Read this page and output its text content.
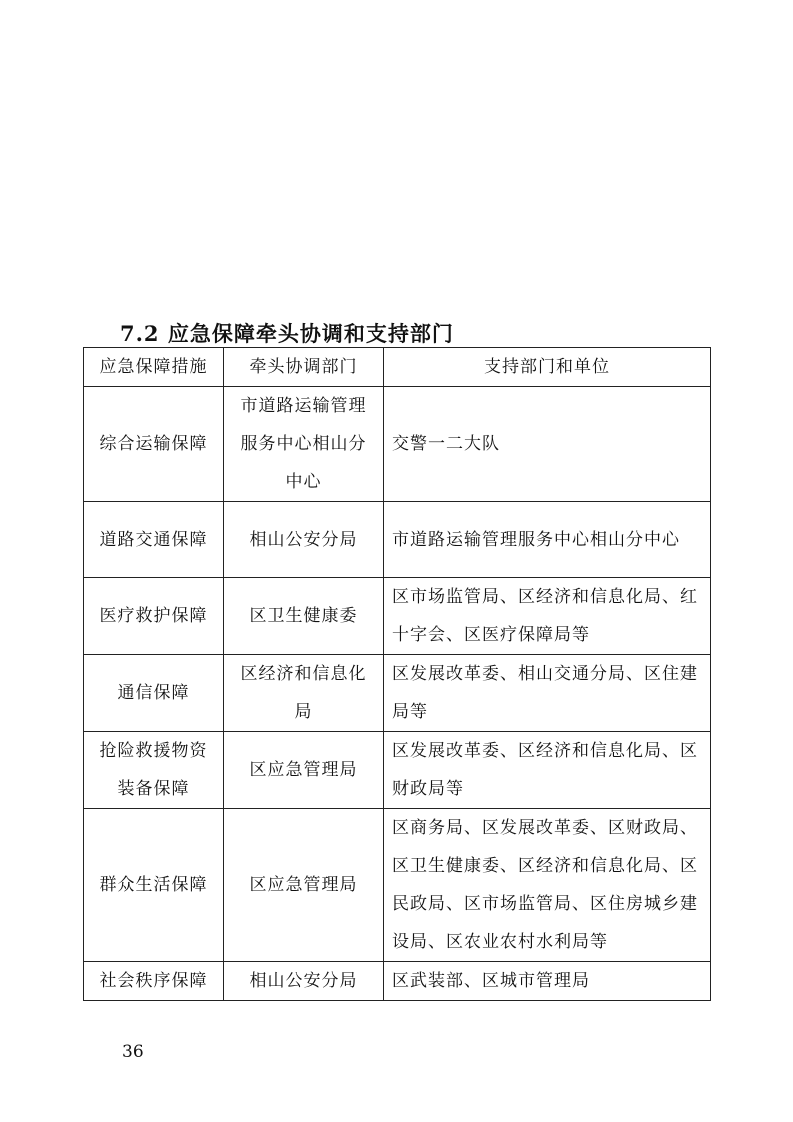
7.2 应急保障牵头协调和支持部门
应急保障措施	牵头协调部门	支持部门和单位
综合运输保障	市道路运输管理服务中心相山分中心	交警一二大队
道路交通保障	相山公安分局	市道路运输管理服务中心相山分中心
医疗救护保障	区卫生健康委	区市场监管局、区经济和信息化局、红十字会、区医疗保障局等
通信保障	区经济和信息化局	区发展改革委、相山交通分局、区住建局等
抢险救援物资装备保障	区应急管理局	区发展改革委、区经济和信息化局、区财政局等
群众生活保障	区应急管理局	区商务局、区发展改革委、区财政局、区卫生健康委、区经济和信息化局、区民政局、区市场监管局、区住房城乡建设局、区农业农村水利局等
社会秩序保障	相山公安分局	区武装部、区城市管理局
36
